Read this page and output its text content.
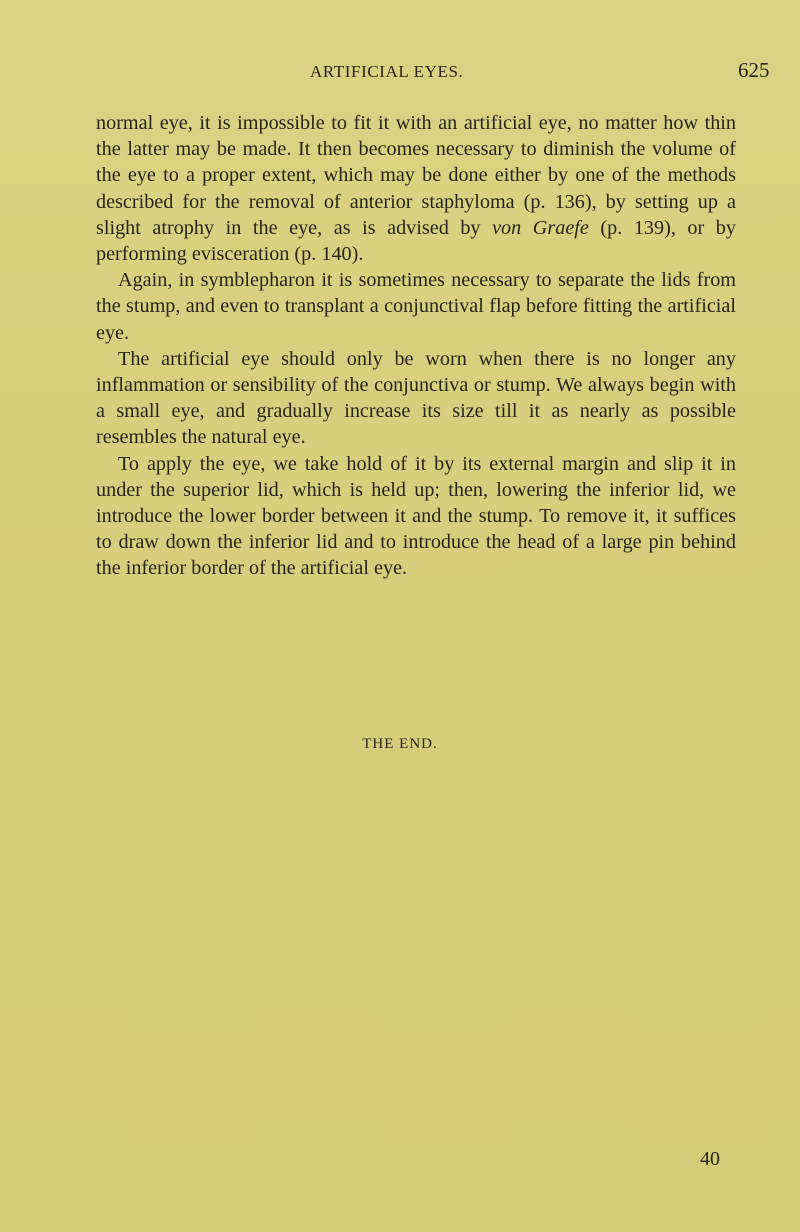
ARTIFICIAL EYES.	625

normal eye, it is impossible to fit it with an artificial eye, no matter how thin the latter may be made. It then becomes necessary to diminish the volume of the eye to a proper extent, which may be done either by one of the methods described for the removal of anterior staphyloma (p. 136), by setting up a slight atrophy in the eye, as is advised by von Graefe (p. 139), or by performing evisceration (p. 140).

Again, in symblepharon it is sometimes necessary to separate the lids from the stump, and even to transplant a conjunctival flap before fitting the artificial eye.

The artificial eye should only be worn when there is no longer any inflammation or sensibility of the conjunctiva or stump. We always begin with a small eye, and gradually increase its size till it as nearly as possible resembles the natural eye.

To apply the eye, we take hold of it by its external margin and slip it in under the superior lid, which is held up; then, lowering the inferior lid, we introduce the lower border between it and the stump. To remove it, it suffices to draw down the inferior lid and to introduce the head of a large pin behind the inferior border of the artificial eye.

THE END.
40
